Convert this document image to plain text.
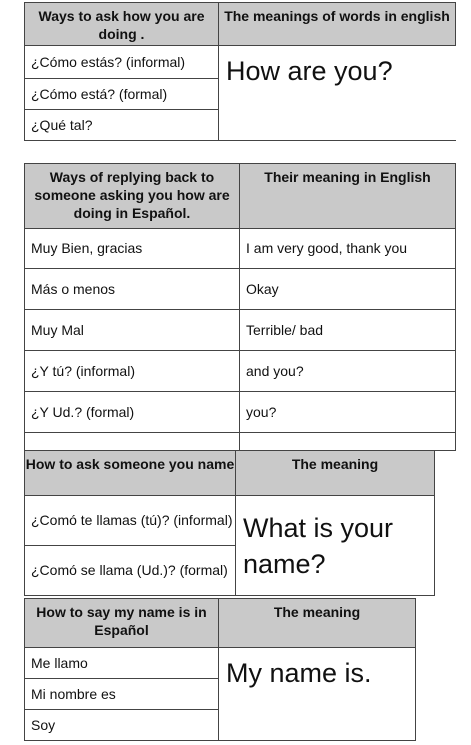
Ways to ask how you are doing .	The meanings of words in english
¿Cómo estás? (informal)	How are you?
¿Cómo está? (formal)	
¿Qué tal?	
Ways of replying back to someone asking you how are doing in Español.	Their meaning in English
Muy Bien, gracias	I am very good, thank you
Más o menos	Okay
Muy Mal	Terrible/ bad
¿Y tú? (informal)	and you?
¿Y Ud.? (formal)	you?

How to ask someone you name	The meaning
¿Comó te llamas (tú)? (informal)	What is your name?
¿Comó se llama (Ud.)? (formal)	
How to say my name is in Español	The meaning
Me llamo	My name is.
Mi nombre es	
Soy	
